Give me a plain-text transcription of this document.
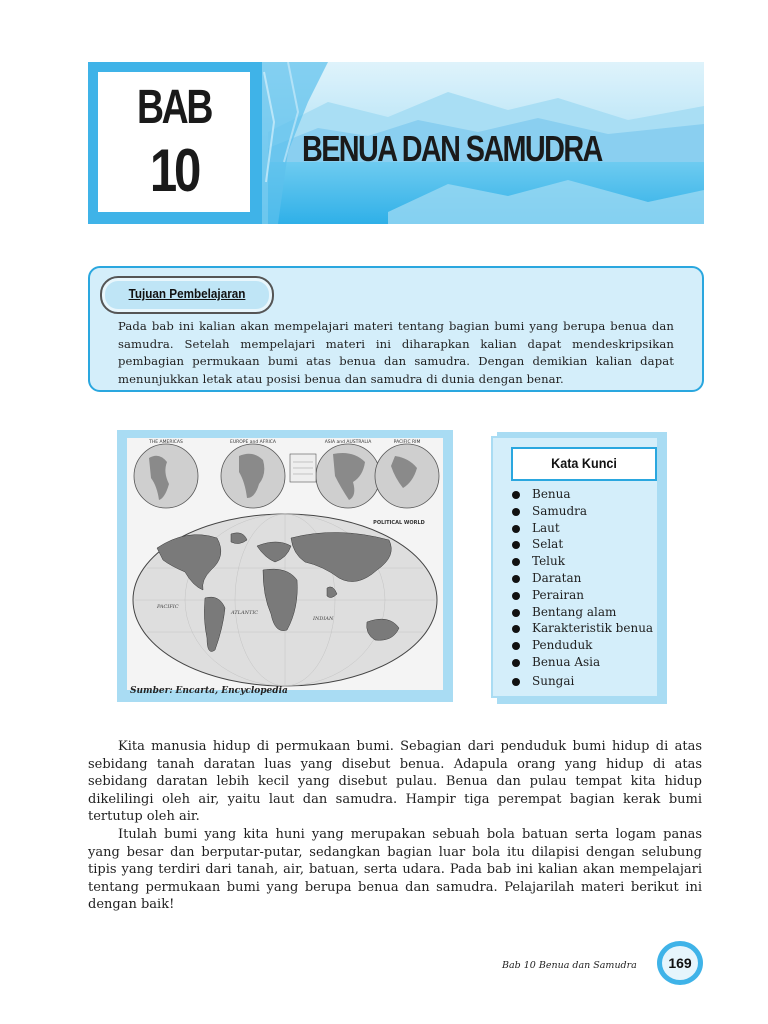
BAB
10	BENUA DAN SAMUDRA
Tujuan Pembelajaran
Pada bab ini kalian akan mempelajari materi tentang bagian bumi yang berupa benua dan samudra. Setelah mempelajari materi ini diharapkan kalian dapat mendeskripsikan pembagian permukaan bumi atas benua dan samudra. Dengan demikian kalian dapat menunjukkan letak atau posisi benua dan samudra di dunia dengan benar.
THE AMERICAS	EUROPE and AFRICA	ASIA and AUSTRALIA	PACIFIC RIM
ATLANTIC
PACIFIC
INDIAN
POLITICAL WORLD
Sumber: Encarta, Encyclopedia
Kata Kunci
Benua
Samudra
Laut
Selat
Teluk
Daratan
Perairan
Bentang alam
Karakteristik benua
Penduduk
Benua Asia
Sungai

Kita manusia hidup di permukaan bumi. Sebagian dari penduduk bumi hidup di atas sebidang tanah daratan luas yang disebut benua. Adapula orang yang hidup di atas sebidang daratan lebih kecil yang disebut pulau. Benua dan pulau tempat kita hidup dikelilingi oleh air, yaitu laut dan samudra. Hampir tiga perempat bagian kerak bumi tertutup oleh air.

Itulah bumi yang kita huni yang merupakan sebuah bola batuan serta logam panas yang besar dan berputar-putar, sedangkan bagian luar bola itu dilapisi dengan selubung tipis yang terdiri dari tanah, air, batuan, serta udara. Pada bab ini kalian akan mempelajari tentang permukaan bumi yang berupa benua dan samudra. Pelajarilah materi berikut ini dengan baik!

Bab 10 Benua dan Samudra	169
